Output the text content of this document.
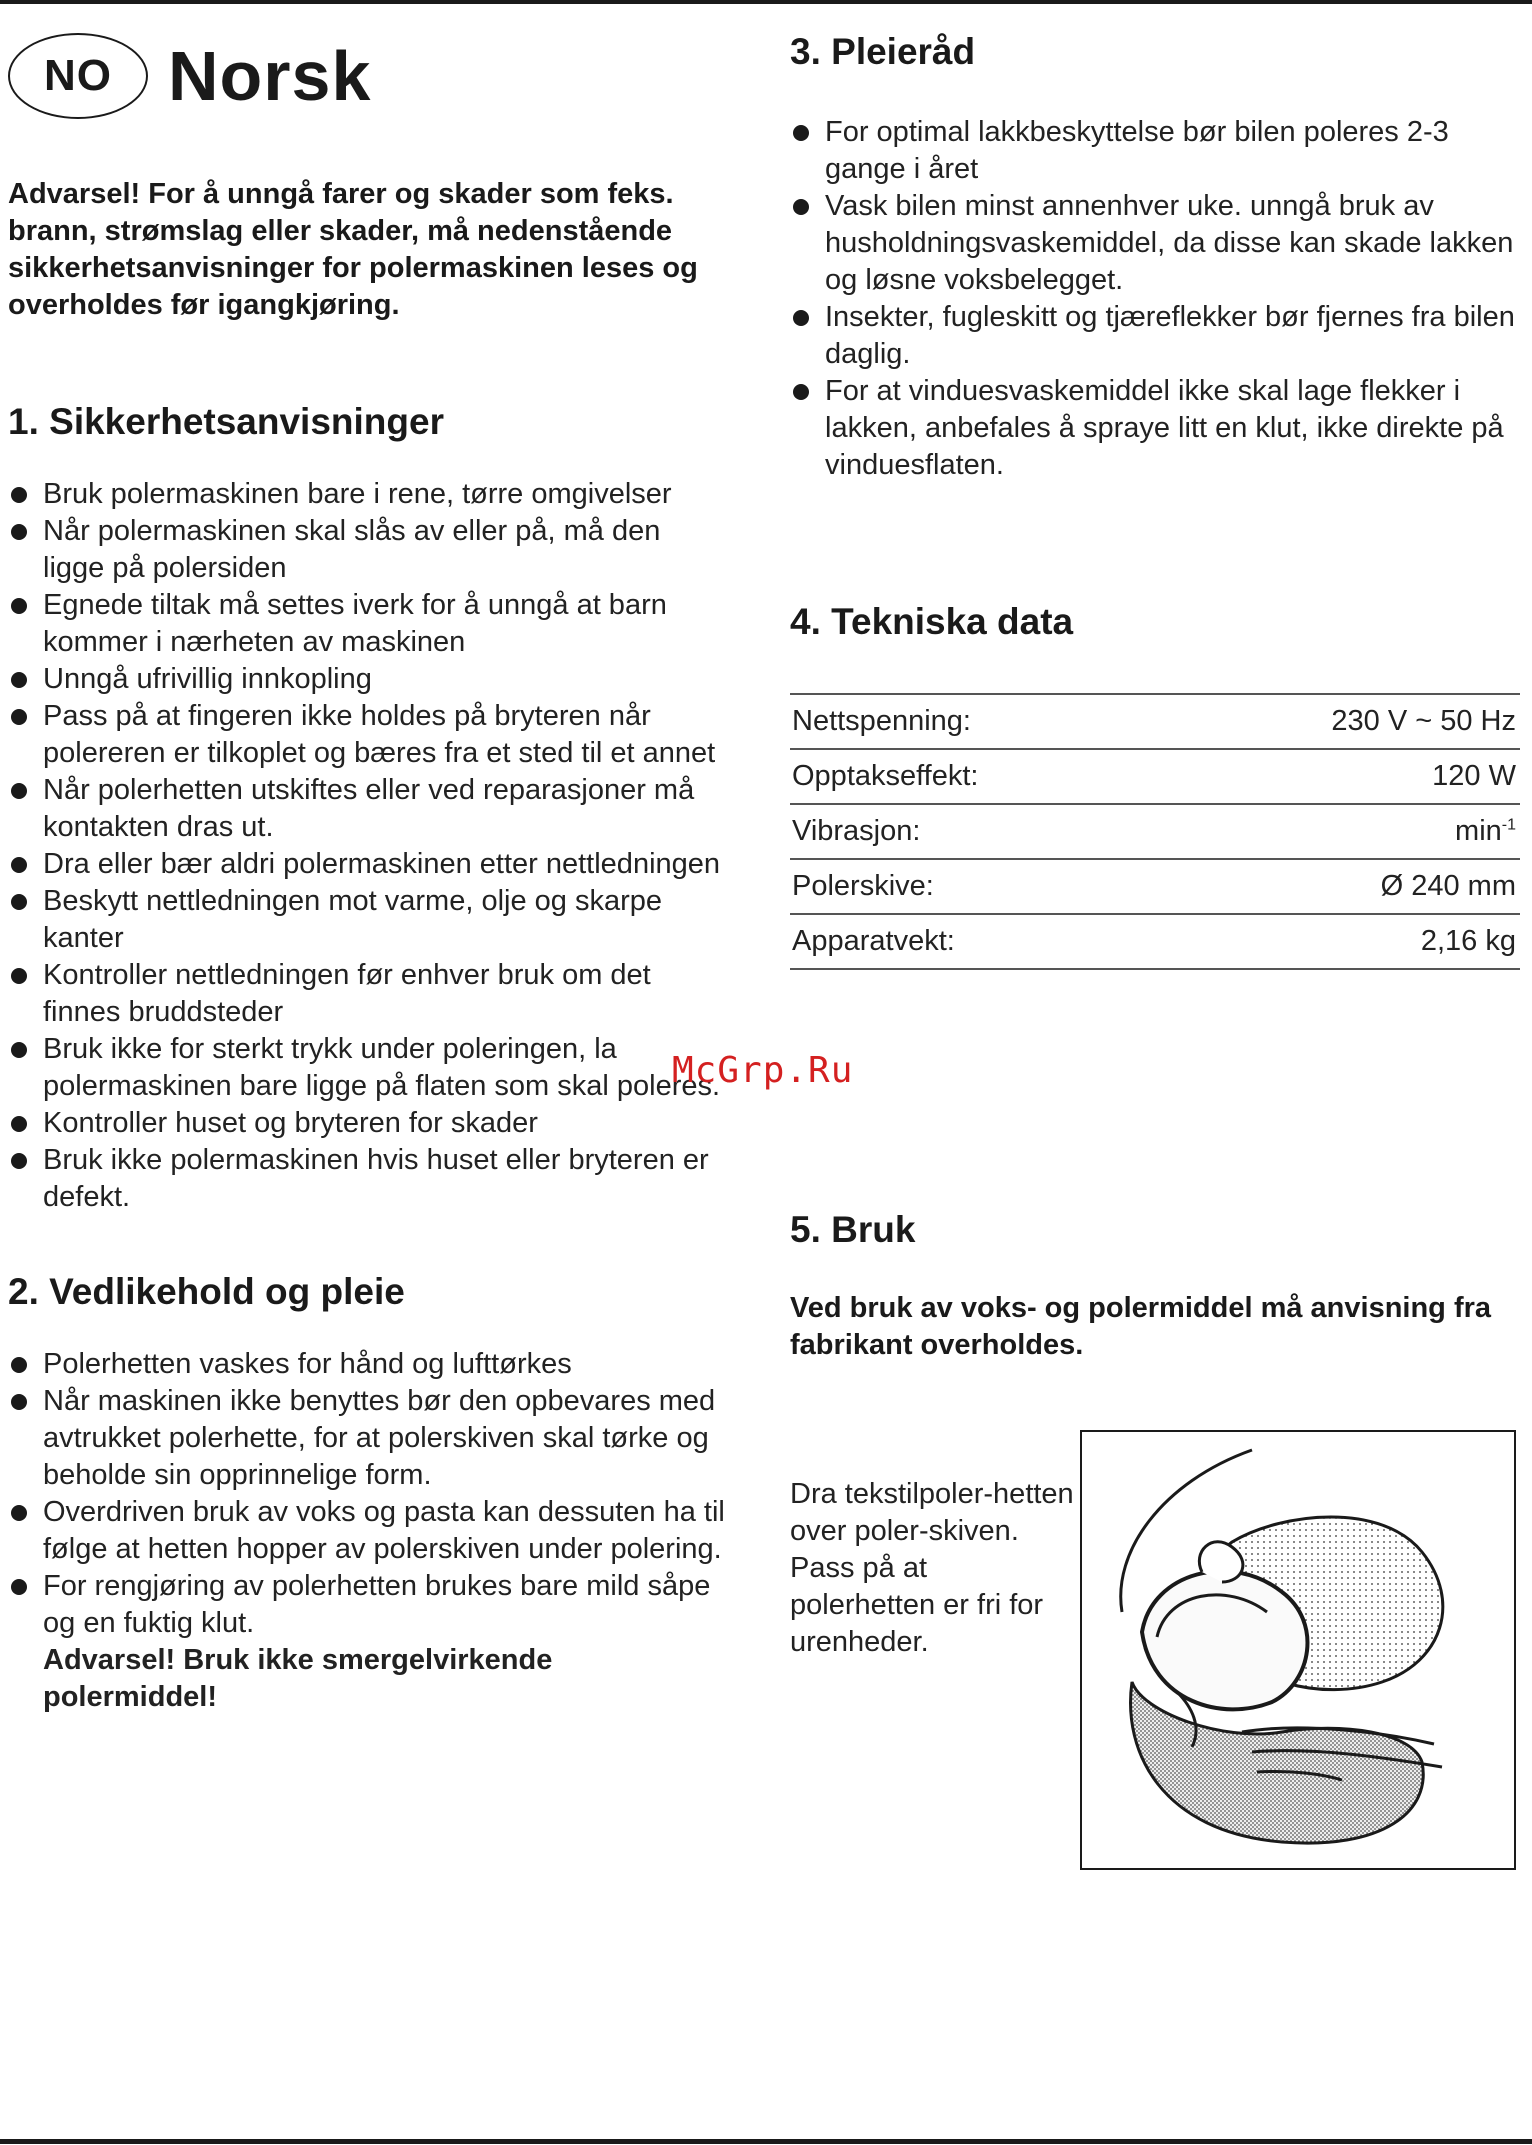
NO Norsk

Advarsel! For å unngå farer og skader som feks. brann, strømslag eller skader, må nedenstående sikkerhetsanvisninger for polermaskinen leses og overholdes før igangkjøring.

1. Sikkerhetsanvisninger
Bruk polermaskinen bare i rene, tørre omgivelser
Når polermaskinen skal slås av eller på, må den ligge på polersiden
Egnede tiltak må settes iverk for å unngå at barn kommer i nærheten av maskinen
Unngå ufrivillig innkopling
Pass på at fingeren ikke holdes på bryteren når polereren er tilkoplet og bæres fra et sted til et annet
Når polerhetten utskiftes eller ved reparasjoner må kontakten dras ut.
Dra eller bær aldri polermaskinen etter nettledningen
Beskytt nettledningen mot varme, olje og skarpe kanter
Kontroller nettledningen før enhver bruk om det finnes bruddsteder
Bruk ikke for sterkt trykk under poleringen, la polermaskinen bare ligge på flaten som skal poleres.
Kontroller huset og bryteren for skader
Bruk ikke polermaskinen hvis huset eller bryteren er defekt.
2. Vedlikehold og pleie
Polerhetten vaskes for hånd og lufttørkes
Når maskinen ikke benyttes bør den opbevares med avtrukket polerhette, for at polerskiven skal tørke og beholde sin opprinnelige form.
Overdriven bruk av voks og pasta kan dessuten ha til følge at hetten hopper av polerskiven under polering.
For rengjøring av polerhetten brukes bare mild såpe og en fuktig klut.
Advarsel! Bruk ikke smergelvirkende polermiddel!
3. Pleieråd
For optimal lakkbeskyttelse bør bilen poleres 2-3 gange i året
Vask bilen minst annenhver uke. unngå bruk av husholdningsvaskemiddel, da disse kan skade lakken og løsne voksbelegget.
Insekter, fugleskitt og tjæreflekker bør fjernes fra bilen daglig.
For at vinduesvaskemiddel ikke skal lage flekker i lakken, anbefales å spraye litt en klut, ikke direkte på vinduesflaten.
4. Tekniska data
Nettspenning:	230 V ~ 50 Hz
Opptakseffekt:	120 W
Vibrasjon:	$\min^{-1}$
Polerskive:	Ø 240 mm
Apparatvekt:	2,16 kg
5. Bruk

Ved bruk av voks- og polermiddel må anvisning fra fabrikant overholdes.

Dra tekstilpoler-hetten over poler-skiven. Pass på at polerhetten er fri for urenheder.

McGrp.Ru
